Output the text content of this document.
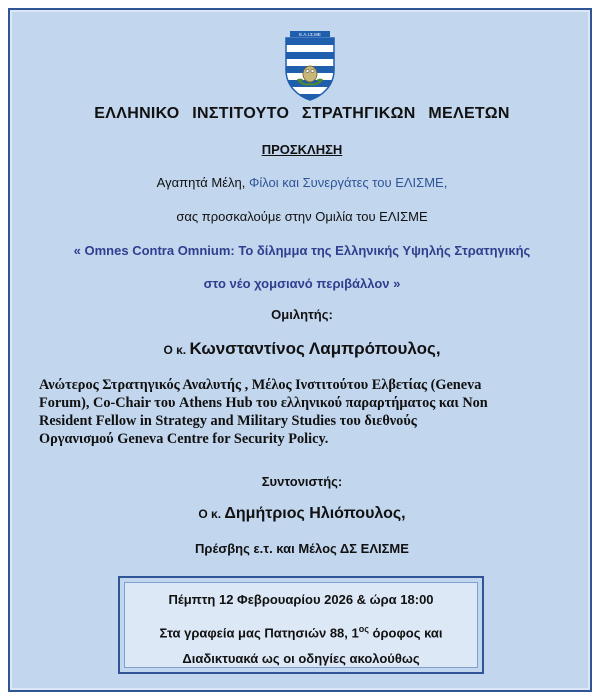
Ε.Λ.Ι.Σ.ΜΕ
ΕΛΛΗΝΙΚΟ ΙΝΣΤΙΤΟΥΤΟ ΣΤΡΑΤΗΓΙΚΩΝ ΜΕΛΕΤΩΝ
ΠΡΟΣΚΛΗΣΗ
Αγαπητά Μέλη, Φίλοι και Συνεργάτες του ΕΛΙΣΜΕ,
σας προσκαλούμε στην Ομιλία του ΕΛΙΣΜΕ
« Omnes Contra Omnium: Το δίλημμα της Ελληνικής Υψηλής Στρατηγικής
στο νέο χομσιανό περιβάλλον »
Ομιλητής:
Ο κ. Κωνσταντίνος Λαμπρόπουλος,
Ανώτερος Στρατηγικός Αναλυτής , Μέλος Ινστιτούτου Ελβετίας (Geneva
Forum), Co-Chair του Athens Hub του ελληνικού παραρτήματος και Non
Resident Fellow in Strategy and Military Studies του διεθνούς
Οργανισμού Geneva Centre for Security Policy.
Συντονιστής:
Ο κ. Δημήτριος Ηλιόπουλος,
Πρέσβης ε.τ. και Μέλος ΔΣ ΕΛΙΣΜΕ
Πέμπτη 12 Φεβρουαρίου 2026 & ώρα 18:00
Στα γραφεία μας Πατησιών 88, $1^{o\varsigma}$ όροφος και
Διαδικτυακά ως οι οδηγίες ακολούθως
